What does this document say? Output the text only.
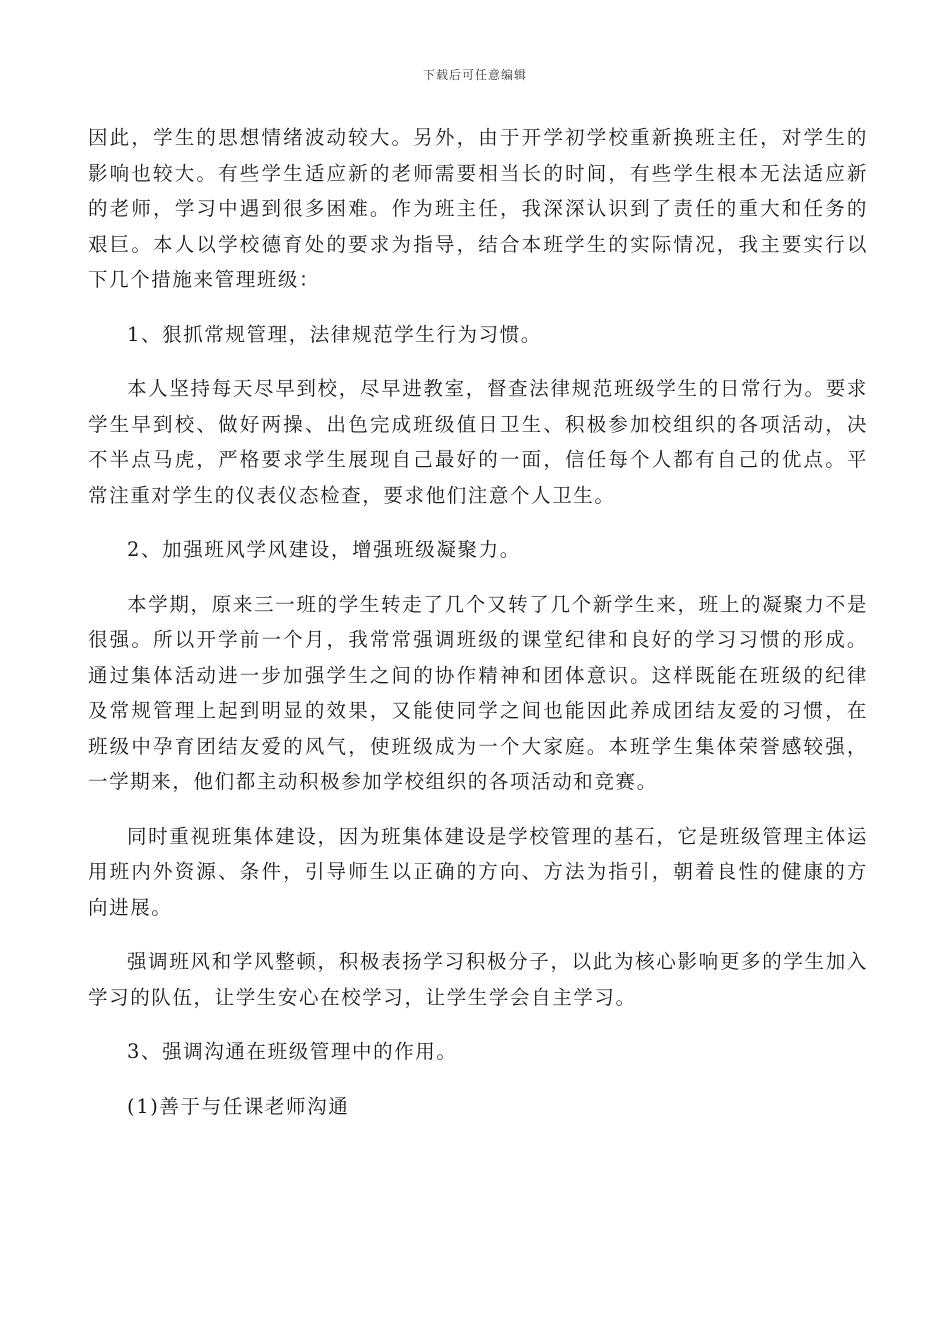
下载后可任意编辑

因此，学生的思想情绪波动较大。另外，由于开学初学校重新换班主任，对学生的影响也较大。有些学生适应新的老师需要相当长的时间，有些学生根本无法适应新的老师，学习中遇到很多困难。作为班主任，我深深认识到了责任的重大和任务的艰巨。本人以学校德育处的要求为指导，结合本班学生的实际情况，我主要实行以下几个措施来管理班级：

1、狠抓常规管理，法律规范学生行为习惯。

本人坚持每天尽早到校，尽早进教室，督查法律规范班级学生的日常行为。要求学生早到校、做好两操、出色完成班级值日卫生、积极参加校组织的各项活动，决不半点马虎，严格要求学生展现自己最好的一面，信任每个人都有自己的优点。平常注重对学生的仪表仪态检查，要求他们注意个人卫生。

2、加强班风学风建设，增强班级凝聚力。

本学期，原来三一班的学生转走了几个又转了几个新学生来，班上的凝聚力不是很强。所以开学前一个月，我常常强调班级的课堂纪律和良好的学习习惯的形成。通过集体活动进一步加强学生之间的协作精神和团体意识。这样既能在班级的纪律及常规管理上起到明显的效果，又能使同学之间也能因此养成团结友爱的习惯，在班级中孕育团结友爱的风气，使班级成为一个大家庭。本班学生集体荣誉感较强，一学期来，他们都主动积极参加学校组织的各项活动和竞赛。

同时重视班集体建设，因为班集体建设是学校管理的基石，它是班级管理主体运用班内外资源、条件，引导师生以正确的方向、方法为指引，朝着良性的健康的方向进展。

强调班风和学风整顿，积极表扬学习积极分子，以此为核心影响更多的学生加入学习的队伍，让学生安心在校学习，让学生学会自主学习。

3、强调沟通在班级管理中的作用。

(1)善于与任课老师沟通
